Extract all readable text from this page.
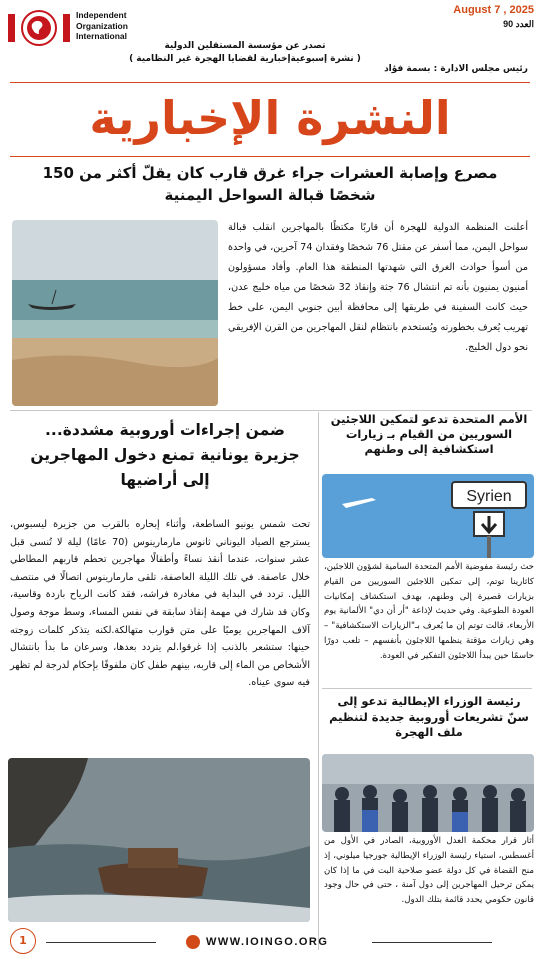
Independent
Organization
International
August 7 , 2025
العدد 90
تصدر عن مؤسسة المستقلين الدولية
( نشرة إسبوعيةإخبارية لقضايا الهجرة غير النظامية )
رئيس مجلس الادارة : بسمة فؤاد
النشرة الإخبارية
مصرع وإصابة العشرات جراء غرق قارب كان يقلّ أكثر من 150 شخصًا قبالة السواحل اليمنية
أعلنت المنظمة الدولية للهجرة أن قاربًا مكتظًا بالمهاجرين انقلب قبالة سواحل اليمن، مما أسفر عن مقتل 76 شخصًا وفقدان 74 آخرين، في واحدة من أسوأ حوادث الغرق التي شهدتها المنطقة هذا العام. وأفاد مسؤولون أمنيون يمنيون بأنه تم انتشال 76 جثة وإنقاذ 32 شخصًا من مياه خليج عدن، حيث كانت السفينة في طريقها إلى محافظة أبين جنوبي اليمن، على خط تهريب يُعرف بخطورته ويُستخدم بانتظام لنقل المهاجرين من القرن الإفريقي نحو دول الخليج.
ضمن إجراءات أوروبية مشددة... جزيرة يونانية تمنع دخول المهاجرين إلى أراضيها
تحت شمس يونيو الساطعة، وأثناء إبحاره بالقرب من جزيرة ليسبوس، يسترجع الصياد اليوناني ثانوس مارمارينوس (70 عامًا) ليلة لا تُنسى قبل عشر سنوات، عندما أنقذ نساءً وأطفالًا مهاجرين تحطم قاربهم المطاطي خلال عاصفة. في تلك الليلة العاصفة، تلقى مارمارينوس اتصالًا في منتصف الليل. تردد في البداية في مغادرة فراشه، فقد كانت الرياح باردة وقاسية، وكان قد شارك في مهمة إنقاذ سابقة في نفس المساء، وسط موجة وصول آلاف المهاجرين يوميًا على متن قوارب متهالكة.لكنه يتذكر كلمات زوجته حينها: ستشعر بالذنب إذا غرقوا.لم يتردد بعدها، وسرعان ما بدأ بانتشال الأشخاص من الماء إلى قاربه، بينهم طفل كان ملفوفًا بإحكام لدرجة لم تظهر فيه سوى عيناه.
الأمم المتحدة تدعو لتمكين اللاجئين السوريين من القيام بـ زيارات استكشافية إلى وطنهم
Syrien
حث رئيسة مفوضية الأمم المتحدة السامية لشؤون اللاجئين، كاثارينا توتم، إلى تمكين اللاجئين السوريين من القيام بزيارات قصيرة إلى وطنهم، بهدف استكشاف إمكانيات العودة الطوعية. وفي حديث لإذاعة "أر أن دي" الألمانية يوم الأربعاء، قالت توتم إن ما يُعرف بـ"الزيارات الاستكشافية" – وهي زيارات مؤقتة ينظمها اللاجئون بأنفسهم – تلعب دورًا حاسمًا حين يبدأ اللاجئون التفكير في العودة.
رئيسة الوزراء الإيطالية تدعو إلى سنّ تشريعات أوروبية جديدة لتنظيم ملف الهجرة
أثار قرار محكمة العدل الأوروبية، الصادر في الأول من أغسطس، استياء رئيسة الوزراء الإيطالية جورجيا ميلوني، إذ منح القضاة في كل دولة عضو صلاحية البت في ما إذا كان يمكن ترحيل المهاجرين إلى دول آمنة ، حتى في حال وجود قانون حكومي يحدد قائمة بتلك الدول.
1	WWW.IOINGO.ORG
